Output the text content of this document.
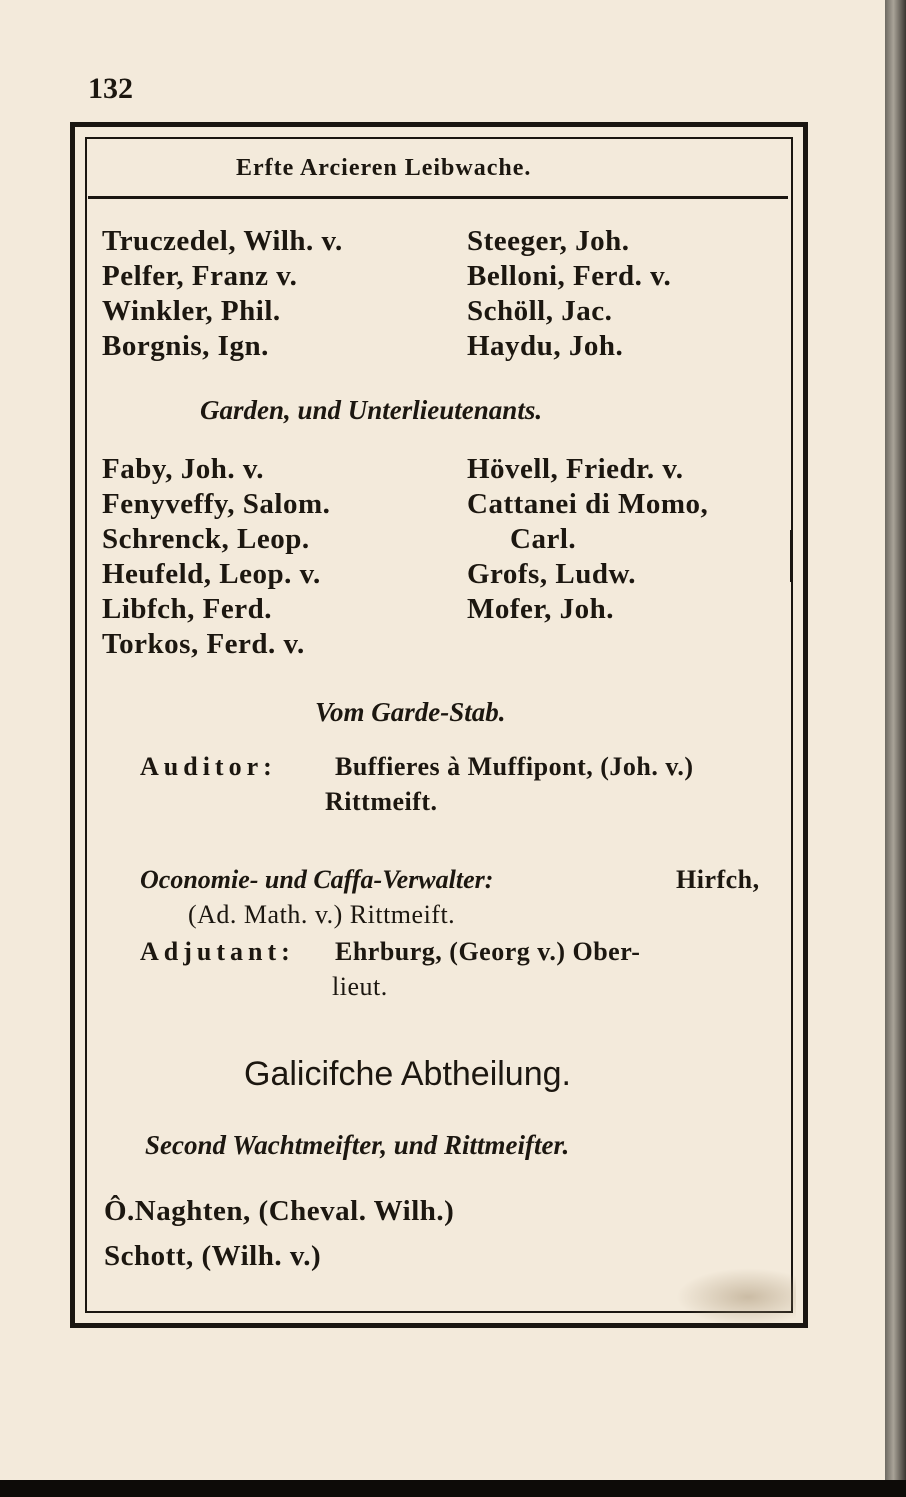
132
Erfte Arcieren Leibwache.
Truczedel, Wilh. v.
Pelfer, Franz v.
Winkler, Phil.
Borgnis, Ign.
Steeger, Joh.
Belloni, Ferd. v.
Schöll, Jac.
Haydu, Joh.
Garden, und Unterlieutenants.
Faby, Joh. v.
Fenyveffy, Salom.
Schrenck, Leop.
Heufeld, Leop. v.
Libfch, Ferd.
Torkos, Ferd. v.
Hövell, Friedr. v.
Cattanei di Momo,
Carl.
Grofs, Ludw.
Mofer, Joh.
Vom Garde-Stab.
Auditor: Buffieres à Muffipont, (Joh. v.)
Rittmeift.
Oconomie- und Caffa-Verwalter:	Hirfch,
(Ad. Math. v.) Rittmeift.
Adjutant: Ehrburg, (Georg v.) Ober-
lieut.
Galicifche Abtheilung.
Second Wachtmeifter, und Rittmeifter.
Ô.Naghten, (Cheval. Wilh.)
Schott, (Wilh. v.)
